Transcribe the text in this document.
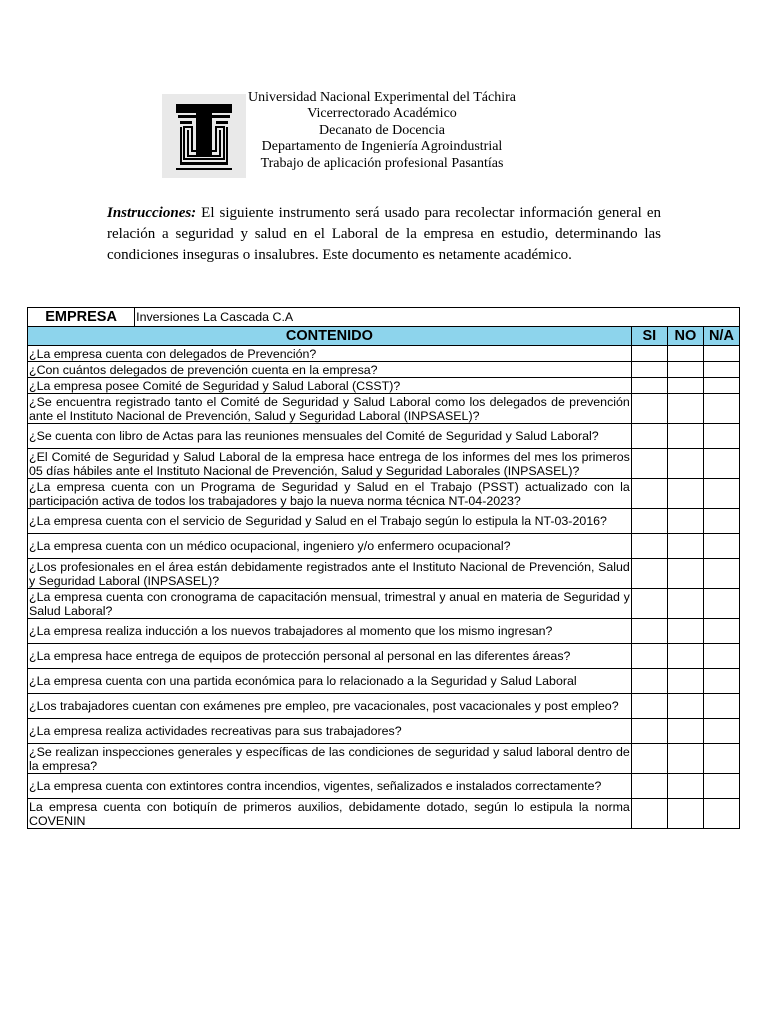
Universidad Nacional Experimental del Táchira
Vicerrectorado Académico
Decanato de Docencia
Departamento de Ingeniería Agroindustrial
Trabajo de aplicación profesional Pasantías

Instrucciones: El siguiente instrumento será usado para recolectar información general en relación a seguridad y salud en el Laboral de la empresa en estudio, determinando las condiciones inseguras o insalubres. Este documento es netamente académico.

EMPRESA	Inversiones La Cascada C.A			
CONTENIDO		SI	NO	N/A
¿La empresa cuenta con delegados de Prevención?				
¿Con cuántos delegados de prevención cuenta en la empresa?				
¿La empresa posee Comité de Seguridad y Salud Laboral (CSST)?				
¿Se encuentra registrado tanto el Comité de Seguridad y Salud Laboral como los delegados de prevención ante el Instituto Nacional de Prevención, Salud y Seguridad Laboral (INPSASEL)?				
¿Se cuenta con libro de Actas para las reuniones mensuales del Comité de Seguridad y Salud Laboral?				
¿El Comité de Seguridad y Salud Laboral de la empresa hace entrega de los informes del mes los primeros 05 días hábiles ante el Instituto Nacional de Prevención, Salud y Seguridad Laborales (INPSASEL)?				
¿La empresa cuenta con un Programa de Seguridad y Salud en el Trabajo (PSST) actualizado con la participación activa de todos los trabajadores y bajo la nueva norma técnica NT-04-2023?				
¿La empresa cuenta con el servicio de Seguridad y Salud en el Trabajo según lo estipula la NT-03-2016?				
¿La empresa cuenta con un médico ocupacional, ingeniero y/o enfermero ocupacional?				
¿Los profesionales en el área están debidamente registrados ante el Instituto Nacional de Prevención, Salud y Seguridad Laboral (INPSASEL)?				
¿La empresa cuenta con cronograma de capacitación mensual, trimestral y anual en materia de Seguridad y Salud Laboral?				
¿La empresa realiza inducción a los nuevos trabajadores al momento que los mismo ingresan?				
¿La empresa hace entrega de equipos de protección personal al personal en las diferentes áreas?				
¿La empresa cuenta con una partida económica para lo relacionado a la Seguridad y Salud Laboral				
¿Los trabajadores cuentan con exámenes pre empleo, pre vacacionales, post vacacionales y post empleo?				
¿La empresa realiza actividades recreativas para sus trabajadores?				
¿Se realizan inspecciones generales y específicas de las condiciones de seguridad y salud laboral dentro de la empresa?				
¿La empresa cuenta con extintores contra incendios, vigentes, señalizados e instalados correctamente?				
La empresa cuenta con botiquín de primeros auxilios, debidamente dotado, según lo estipula la norma COVENIN				
